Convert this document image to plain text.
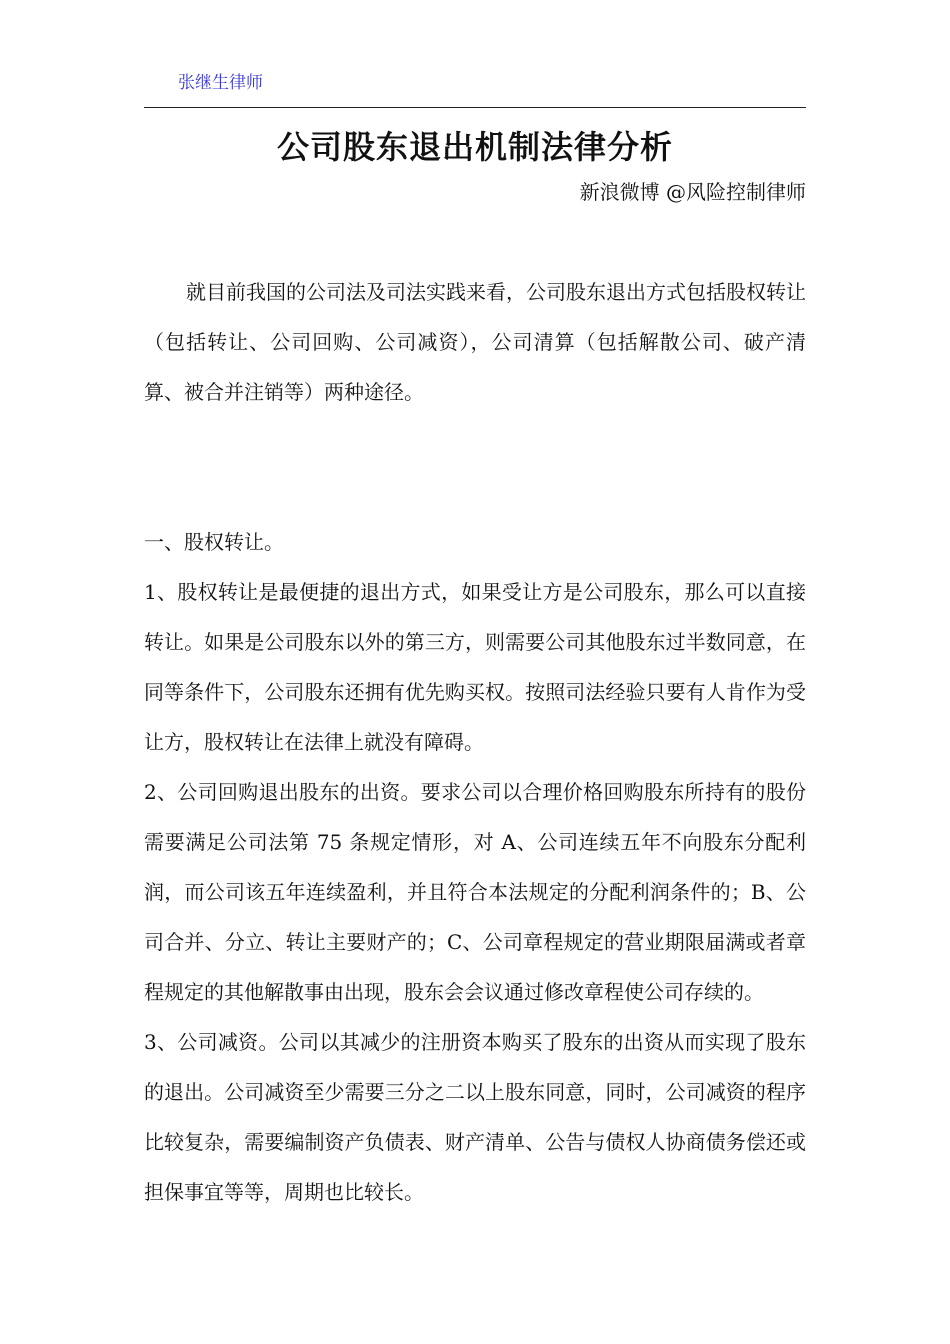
张继生律师
公司股东退出机制法律分析
新浪微博 @风险控制律师

就目前我国的公司法及司法实践来看，公司股东退出方式包括股权转让（包括转让、公司回购、公司减资），公司清算（包括解散公司、破产清算、被合并注销等）两种途径。

一、股权转让。

1、股权转让是最便捷的退出方式，如果受让方是公司股东，那么可以直接转让。如果是公司股东以外的第三方，则需要公司其他股东过半数同意，在同等条件下，公司股东还拥有优先购买权。按照司法经验只要有人肯作为受让方，股权转让在法律上就没有障碍。

2、公司回购退出股东的出资。要求公司以合理价格回购股东所持有的股份需要满足公司法第 75 条规定情形，对 A、公司连续五年不向股东分配利润，而公司该五年连续盈利，并且符合本法规定的分配利润条件的；B、公司合并、分立、转让主要财产的；C、公司章程规定的营业期限届满或者章程规定的其他解散事由出现，股东会会议通过修改章程使公司存续的。

3、公司减资。公司以其减少的注册资本购买了股东的出资从而实现了股东的退出。公司减资至少需要三分之二以上股东同意，同时，公司减资的程序比较复杂，需要编制资产负债表、财产清单、公告与债权人协商债务偿还或担保事宜等等，周期也比较长。
